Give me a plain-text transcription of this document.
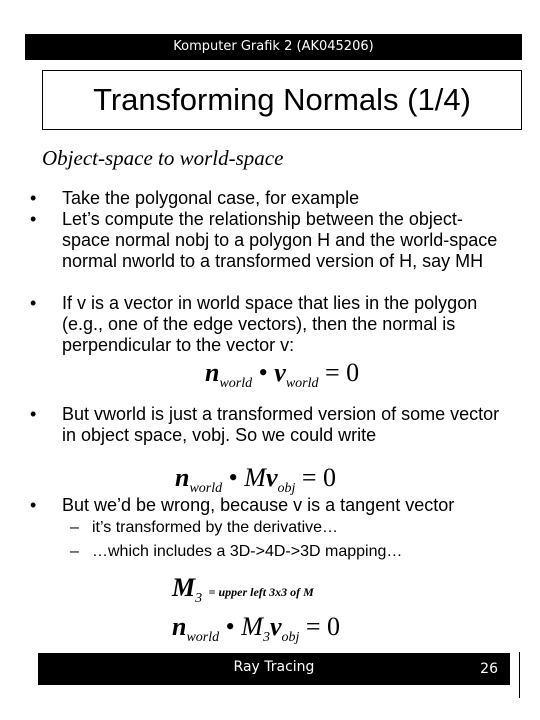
Komputer Grafik 2 (AK045206)
Transforming Normals (1/4)
Object-space to world-space
• Take the polygonal case, for example
• Let’s compute the relationship between the object-space normal nobj to a polygon H and the world-space normal nworld to a transformed version of H, say MH
• If v is a vector in world space that lies in the polygon (e.g., one of the edge vectors), then the normal is perpendicular to the vector v:
$n_{world}$ • $v_{world} = 0$
• But vworld is just a transformed version of some vector in object space, vobj. So we could write
$n_{world}$ • $Mv_{obj} = 0$
• But we’d be wrong, because v is a tangent vector
– it’s transformed by the derivative…
– …which includes a 3D->4D->3D mapping…
$M_3$ = upper left 3x3 of M
$n_{world}$ • $M_3v_{obj} = 0$
Ray Tracing	26
